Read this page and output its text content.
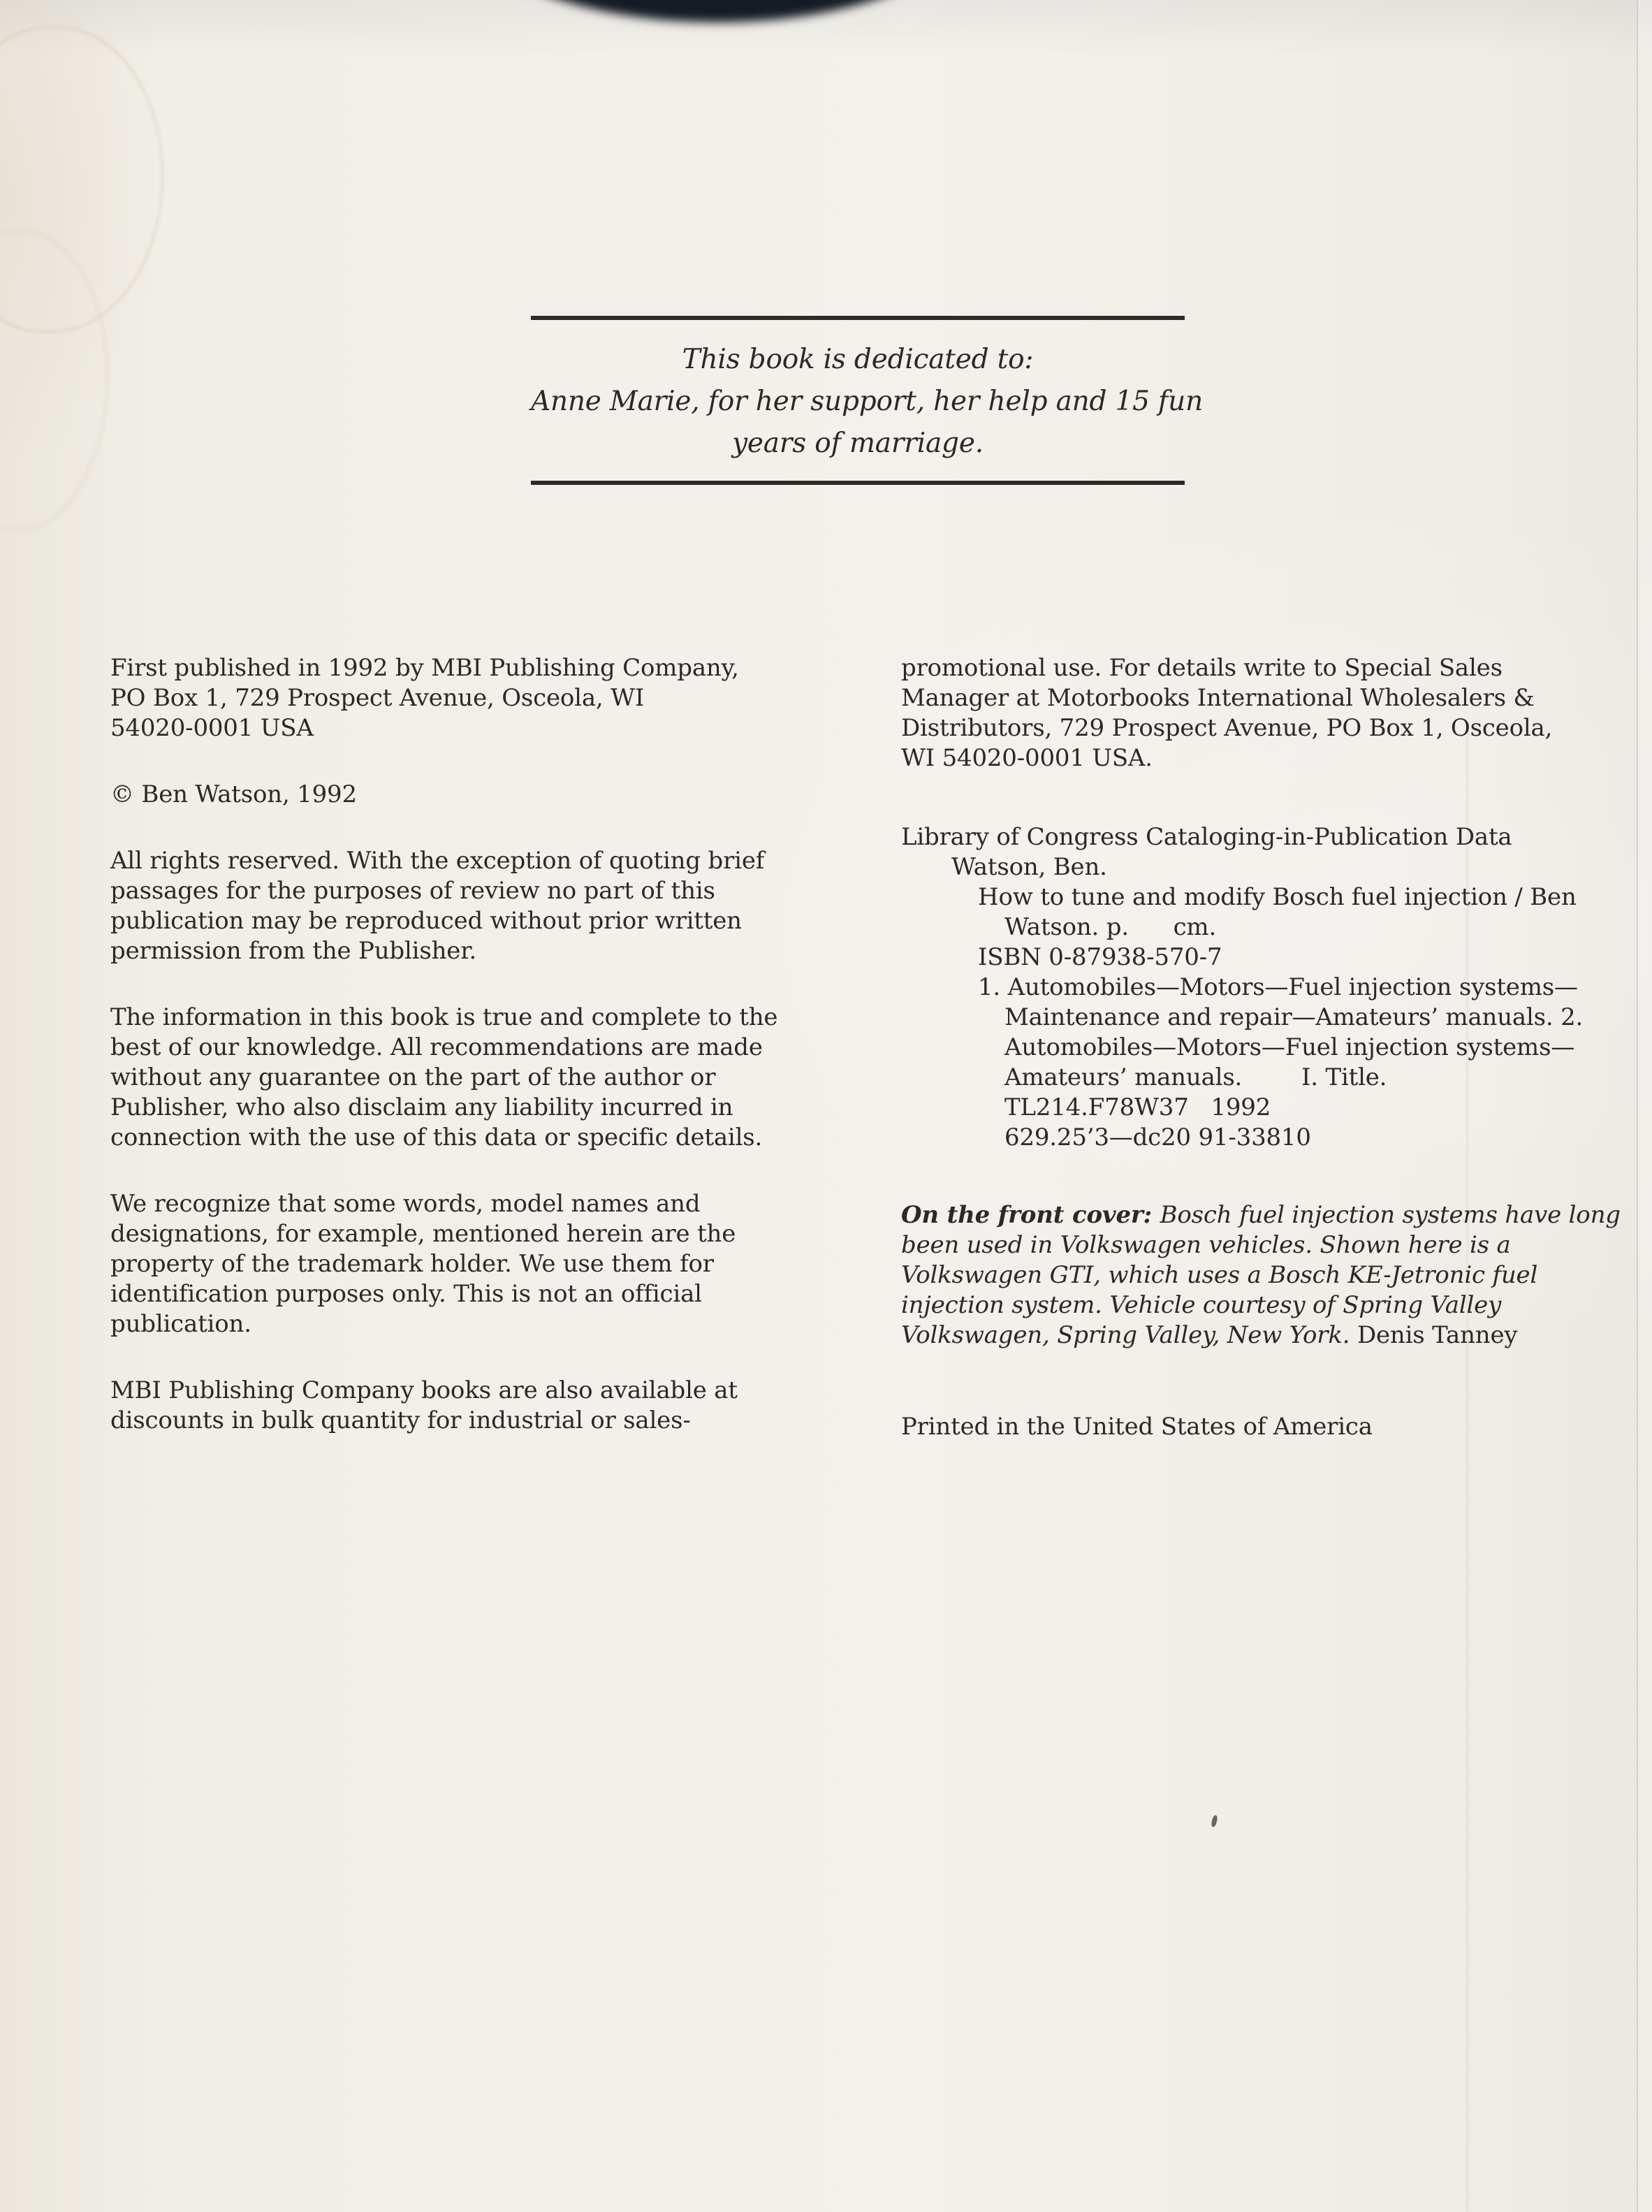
This book is dedicated to:
Anne Marie, for her support, her help and 15 fun
years of marriage.
First published in 1992 by MBI Publishing Company,
PO Box 1, 729 Prospect Avenue, Osceola, WI
54020-0001 USA
© Ben Watson, 1992
All rights reserved. With the exception of quoting brief
passages for the purposes of review no part of this
publication may be reproduced without prior written
permission from the Publisher.
The information in this book is true and complete to the
best of our knowledge. All recommendations are made
without any guarantee on the part of the author or
Publisher, who also disclaim any liability incurred in
connection with the use of this data or specific details.
We recognize that some words, model names and
designations, for example, mentioned herein are the
property of the trademark holder. We use them for
identification purposes only. This is not an official
publication.
MBI Publishing Company books are also available at
discounts in bulk quantity for industrial or sales-
promotional use. For details write to Special Sales
Manager at Motorbooks International Wholesalers &
Distributors, 729 Prospect Avenue, PO Box 1, Osceola,
WI 54020-0001 USA.
Library of Congress Cataloging-in-Publication Data
Watson, Ben.
How to tune and modify Bosch fuel injection / Ben
Watson. p.      cm.
ISBN 0-87938-570-7
1. Automobiles—Motors—Fuel injection systems—
Maintenance and repair—Amateurs’ manuals. 2.
Automobiles—Motors—Fuel injection systems—
Amateurs’ manuals.        I. Title.
TL214.F78W37   1992
629.25’3—dc20 91-33810
On the front cover: Bosch fuel injection systems have long been used in Volkswagen vehicles. Shown here is a Volkswagen GTI, which uses a Bosch KE-Jetronic fuel injection system. Vehicle courtesy of Spring Valley Volkswagen, Spring Valley, New York. Denis Tanney
Printed in the United States of America
